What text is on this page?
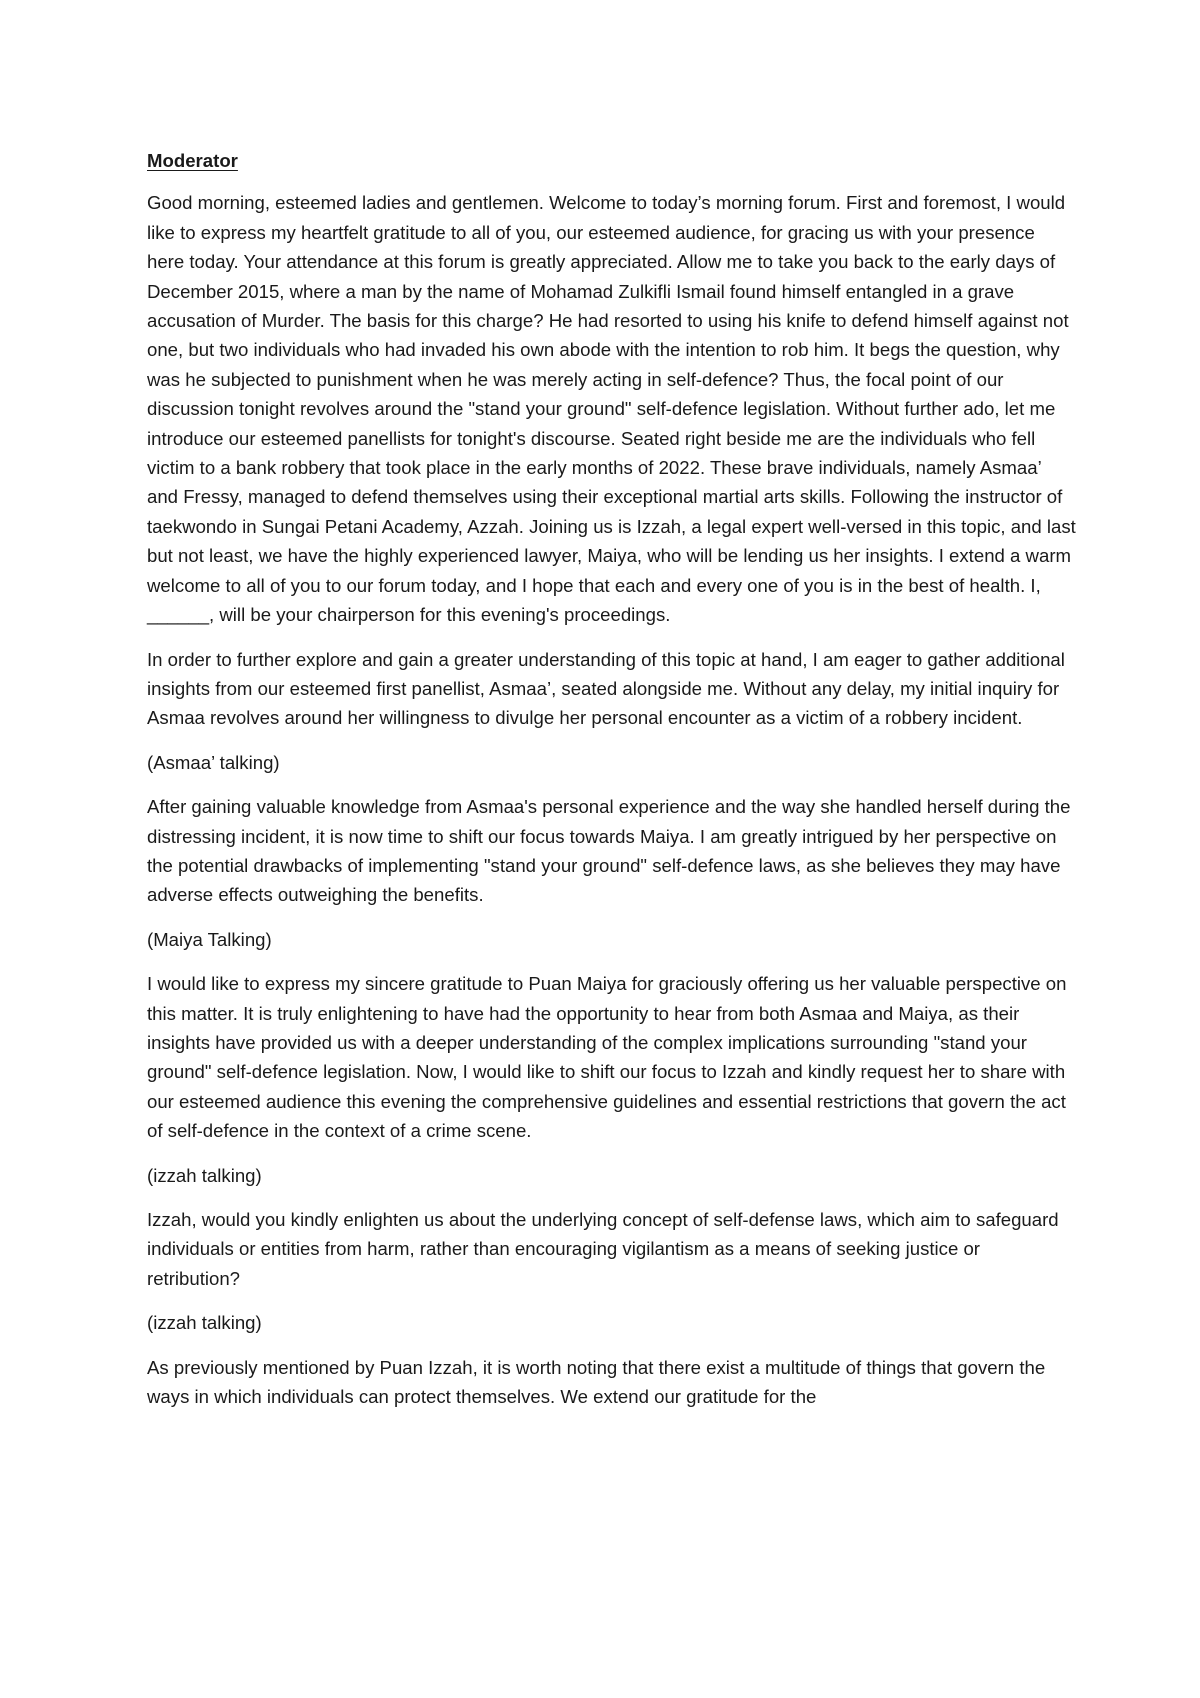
Moderator

Good morning, esteemed ladies and gentlemen. Welcome to today’s morning forum. First and foremost, I would like to express my heartfelt gratitude to all of you, our esteemed audience, for gracing us with your presence here today. Your attendance at this forum is greatly appreciated. Allow me to take you back to the early days of December 2015, where a man by the name of Mohamad Zulkifli Ismail found himself entangled in a grave accusation of Murder. The basis for this charge? He had resorted to using his knife to defend himself against not one, but two individuals who had invaded his own abode with the intention to rob him. It begs the question, why was he subjected to punishment when he was merely acting in self-defence? Thus, the focal point of our discussion tonight revolves around the "stand your ground" self-defence legislation. Without further ado, let me introduce our esteemed panellists for tonight's discourse. Seated right beside me are the individuals who fell victim to a bank robbery that took place in the early months of 2022. These brave individuals, namely Asmaa’ and Fressy, managed to defend themselves using their exceptional martial arts skills. Following the instructor of taekwondo in Sungai Petani Academy, Azzah. Joining us is Izzah, a legal expert well-versed in this topic, and last but not least, we have the highly experienced lawyer, Maiya, who will be lending us her insights. I extend a warm welcome to all of you to our forum today, and I hope that each and every one of you is in the best of health. I, ______, will be your chairperson for this evening's proceedings.

In order to further explore and gain a greater understanding of this topic at hand, I am eager to gather additional insights from our esteemed first panellist, Asmaa’, seated alongside me. Without any delay, my initial inquiry for Asmaa revolves around her willingness to divulge her personal encounter as a victim of a robbery incident.

(Asmaa’ talking)

After gaining valuable knowledge from Asmaa's personal experience and the way she handled herself during the distressing incident, it is now time to shift our focus towards Maiya. I am greatly intrigued by her perspective on the potential drawbacks of implementing "stand your ground" self-defence laws, as she believes they may have adverse effects outweighing the benefits.

(Maiya Talking)

I would like to express my sincere gratitude to Puan Maiya for graciously offering us her valuable perspective on this matter. It is truly enlightening to have had the opportunity to hear from both Asmaa and Maiya, as their insights have provided us with a deeper understanding of the complex implications surrounding "stand your ground" self-defence legislation. Now, I would like to shift our focus to Izzah and kindly request her to share with our esteemed audience this evening the comprehensive guidelines and essential restrictions that govern the act of self-defence in the context of a crime scene.

(izzah talking)

Izzah, would you kindly enlighten us about the underlying concept of self-defense laws, which aim to safeguard individuals or entities from harm, rather than encouraging vigilantism as a means of seeking justice or retribution?

(izzah talking)

As previously mentioned by Puan Izzah, it is worth noting that there exist a multitude of things that govern the ways in which individuals can protect themselves. We extend our gratitude for the
